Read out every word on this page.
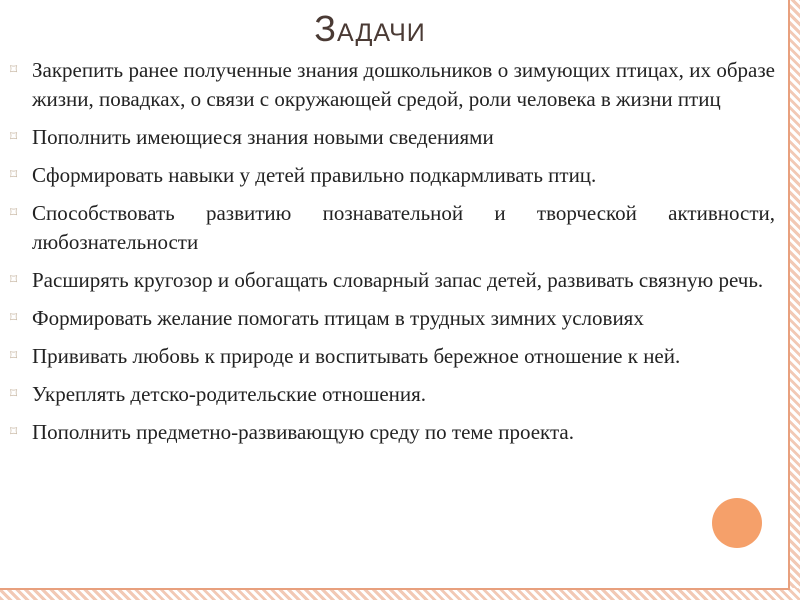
Задачи
⌑ Закрепить ранее полученные знания дошкольников о зимующих птицах, их образе жизни, повадках, о связи с окружающей средой, роли человека в жизни птиц
⌑ Пополнить имеющиеся знания новыми сведениями
⌑ Сформировать навыки у детей правильно подкармливать птиц.
⌑ Способствовать развитию познавательной и творческой активности, любознательности
⌑ Расширять кругозор и обогащать словарный запас детей, развивать связную речь.
⌑ Формировать желание помогать птицам в трудных зимних условиях
⌑ Прививать любовь к природе и воспитывать бережное отношение к ней.
⌑ Укреплять детско-родительские отношения.
⌑ Пополнить предметно-развивающую среду по теме проекта.
